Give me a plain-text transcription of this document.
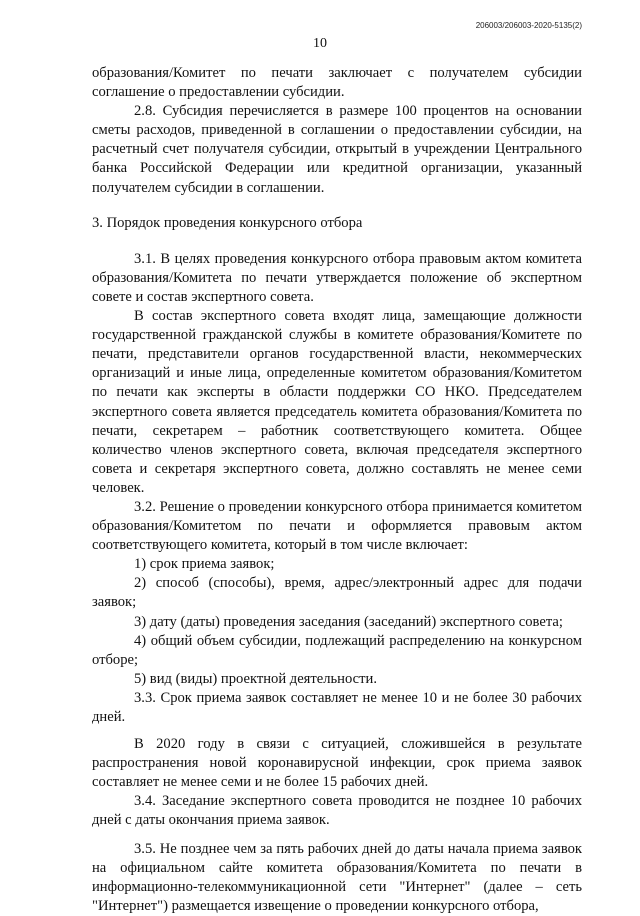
206003/206003-2020-5135(2)
10

образования/Комитет по печати заключает с получателем субсидии соглашение о предоставлении субсидии.

2.8. Субсидия перечисляется в размере 100 процентов на основании сметы расходов, приведенной в соглашении о предоставлении субсидии, на расчетный счет получателя субсидии, открытый в учреждении Центрального банка Российской Федерации или кредитной организации, указанный получателем субсидии в соглашении.

3. Порядок проведения конкурсного отбора

3.1. В целях проведения конкурсного отбора правовым актом комитета образования/Комитета по печати утверждается положение об экспертном совете и состав экспертного совета.

В состав экспертного совета входят лица, замещающие должности государственной гражданской службы в комитете образования/Комитете по печати, представители органов государственной власти, некоммерческих организаций и иные лица, определенные комитетом образования/Комитетом по печати как эксперты в области поддержки СО НКО. Председателем экспертного совета является председатель комитета образования/Комитета по печати, секретарем – работник соответствующего комитета. Общее количество членов экспертного совета, включая председателя экспертного совета и секретаря экспертного совета, должно составлять не менее семи человек.

3.2. Решение о проведении конкурсного отбора принимается комитетом образования/Комитетом по печати и оформляется правовым актом соответствующего комитета, который в том числе включает:

1) срок приема заявок;

2) способ (способы), время, адрес/электронный адрес для подачи заявок;

3) дату (даты) проведения заседания (заседаний) экспертного совета;

4) общий объем субсидии, подлежащий распределению на конкурсном отборе;

5) вид (виды) проектной деятельности.

3.3. Срок приема заявок составляет не менее 10 и не более 30 рабочих дней.

В 2020 году в связи с ситуацией, сложившейся в результате распространения новой коронавирусной инфекции, срок приема заявок составляет не менее семи и не более 15 рабочих дней.

3.4. Заседание экспертного совета проводится не позднее 10 рабочих дней с даты окончания приема заявок.

3.5. Не позднее чем за пять рабочих дней до даты начала приема заявок на официальном сайте комитета образования/Комитета по печати в информационно-телекоммуникационной сети "Интернет" (далее – сеть "Интернет") размещается извещение о проведении конкурсного отбора,
